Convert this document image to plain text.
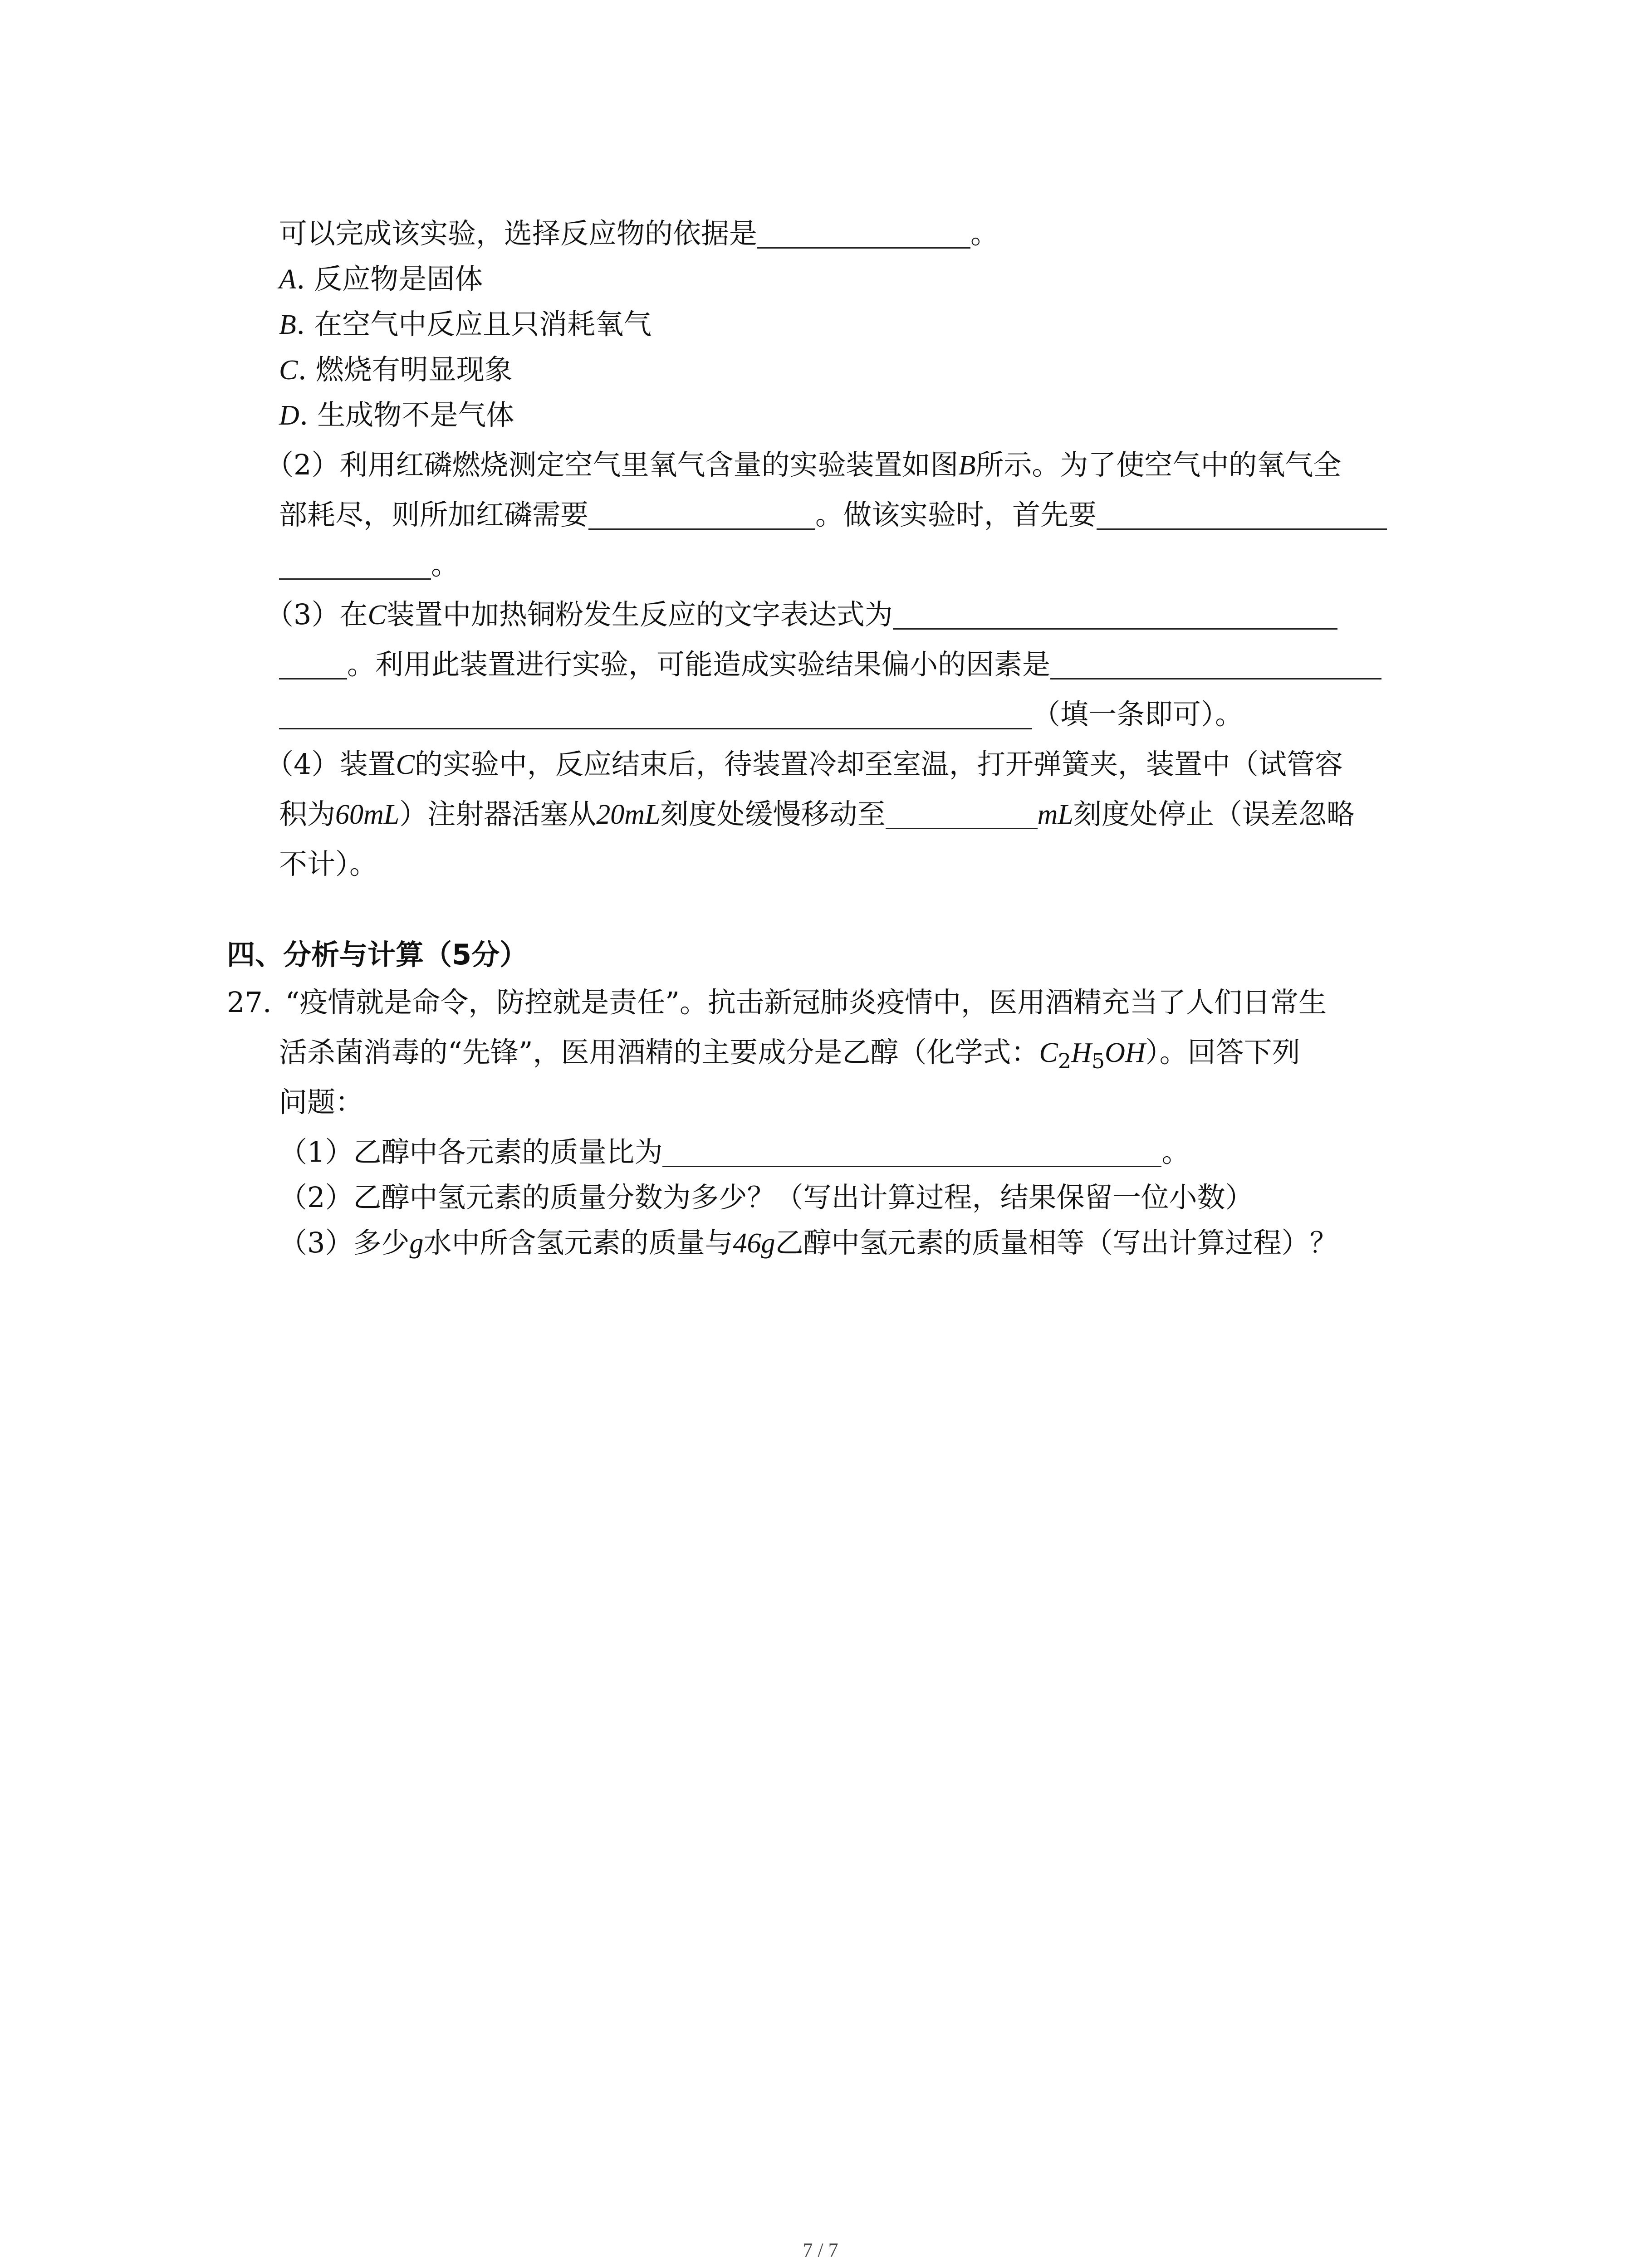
可以完成该实验，选择反应物的依据是	。
A. 反应物是固体
B. 在空气中反应且只消耗氧气
C. 燃烧有明显现象
D. 生成物不是气体
（2）利用红磷燃烧测定空气里氧气含量的实验装置如图B所示。为了使空气中的氧气全
部耗尽，则所加红磷需要	。做该实验时，首先要
。
（3）在C装置中加热铜粉发生反应的文字表达式为
。利用此装置进行实验，可能造成实验结果偏小的因素是
（填一条即可）。
（4）装置C的实验中，反应结束后，待装置冷却至室温，打开弹簧夹，装置中（试管容
积为60mL）注射器活塞从20mL刻度处缓慢移动至	mL刻度处停止（误差忽略
不计）。
四、分析与计算（5分）
27. “疫情就是命令，防控就是责任”。抗击新冠肺炎疫情中，医用酒精充当了人们日常生
活杀菌消毒的“先锋”，医用酒精的主要成分是乙醇（化学式：$C_2H_5OH$）。回答下列
问题：
（1）乙醇中各元素的质量比为	。
（2）乙醇中氢元素的质量分数为多少？（写出计算过程，结果保留一位小数）
（3）多少g水中所含氢元素的质量与46g乙醇中氢元素的质量相等（写出计算过程）？
7 / 7
